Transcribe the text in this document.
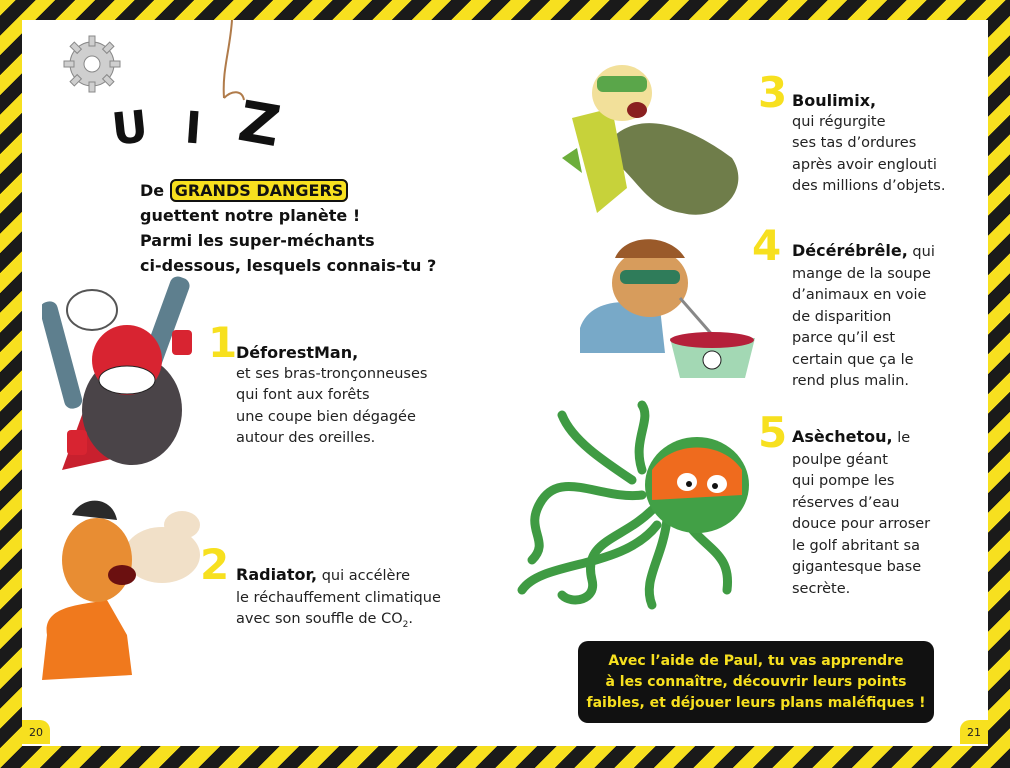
U I Z
De GRANDS DANGERS
guettent notre planète !
Parmi les super-méchants
ci-dessous, lesquels connais-tu ?
1
DéforestMan,
et ses bras-tronçonneuses
qui font aux forêts
une coupe bien dégagée
autour des oreilles.
2 Radiator, qui accélère
le réchauffement climatique
avec son souffle de $CO_2$.
3 Boulimix,
qui régurgite
ses tas d’ordures
après avoir englouti
des millions d’objets.
4 Décérébrêle, qui
mange de la soupe
d’animaux en voie
de disparition
parce qu’il est
certain que ça le
rend plus malin.
5 Asèchetou, le
poulpe géant
qui pompe les
réserves d’eau
douce pour arroser
le golf abritant sa
gigantesque base
secrète.
Avec l’aide de Paul, tu vas apprendre
à les connaître, découvrir leurs points
faibles, et déjouer leurs plans maléfiques !
20	21
